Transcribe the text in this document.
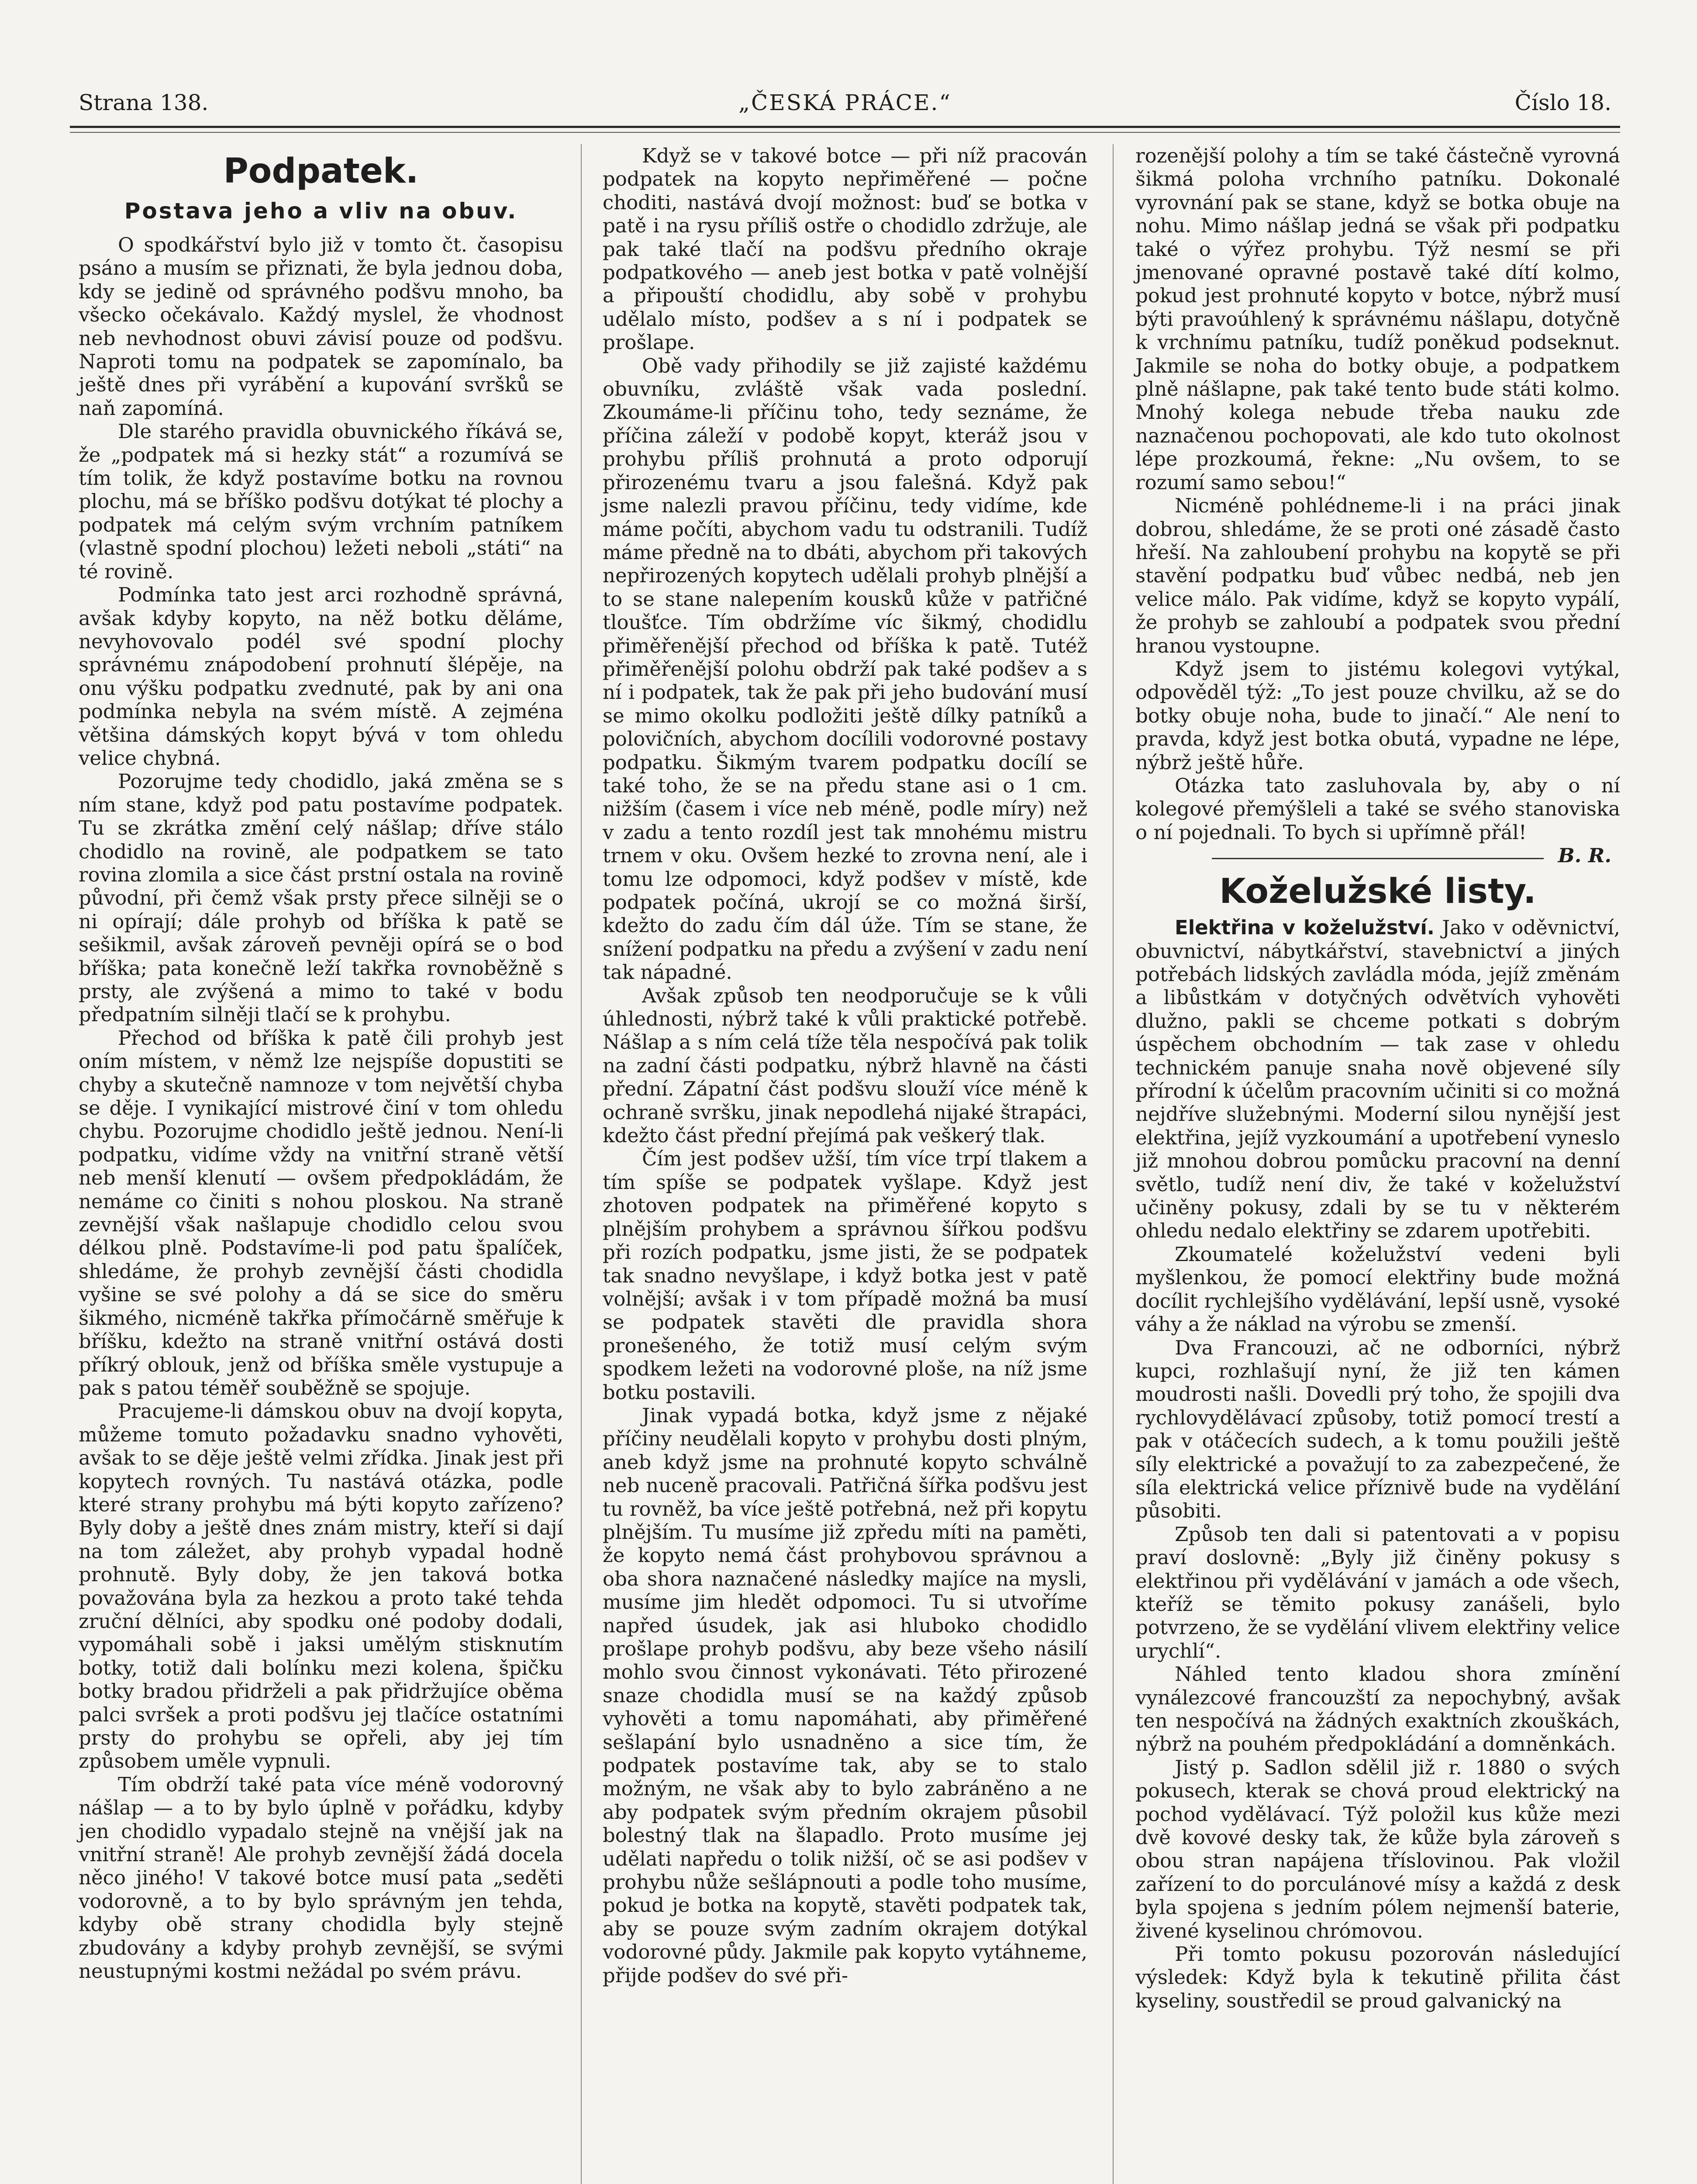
Strana 138.	„ČESKÁ PRÁCE.“	Číslo 18.
Podpatek.
Postava jeho a vliv na obuv.

O spodkářství bylo již v tomto čt. časopisu psáno a musím se přiznati, že byla jednou doba, kdy se jedině od správného podšvu mnoho, ba všecko očekávalo. Každý myslel, že vhodnost neb nevhodnost obuvi závisí pouze od podšvu. Naproti tomu na podpatek se zapomínalo, ba ještě dnes při vyrábění a kupování svršků se naň zapomíná.

Dle starého pravidla obuvnického říkává se, že „podpatek má si hezky stát“ a rozumívá se tím tolik, že když postavíme botku na rovnou plochu, má se bříško podšvu dotýkat té plochy a podpatek má celým svým vrchním patníkem (vlastně spodní plochou) ležeti neboli „státi“ na té rovině.

Podmínka tato jest arci rozhodně správná, avšak kdyby kopyto, na něž botku děláme, nevyhovovalo podél své spodní plochy správnému znápodobení prohnutí šlépěje, na onu výšku podpatku zvednuté, pak by ani ona podmínka nebyla na svém místě. A zejména většina dámských kopyt bývá v tom ohledu velice chybná.

Pozorujme tedy chodidlo, jaká změna se s ním stane, když pod patu postavíme podpatek. Tu se zkrátka změní celý nášlap; dříve stálo chodidlo na rovině, ale podpatkem se tato rovina zlomila a sice část prstní ostala na rovině původní, při čemž však prsty přece silněji se o ni opírají; dále prohyb od bříška k patě se sešikmil, avšak zároveň pevněji opírá se o bod bříška; pata konečně leží takřka rovnoběžně s prsty, ale zvýšená a mimo to také v bodu předpatním silněji tlačí se k prohybu.

Přechod od bříška k patě čili prohyb jest oním místem, v němž lze nejspíše dopustiti se chyby a skutečně namnoze v tom největší chyba se děje. I vynikající mistrové činí v tom ohledu chybu. Pozorujme chodidlo ještě jednou. Není-li podpatku, vidíme vždy na vnitřní straně větší neb menší klenutí — ovšem předpokládám, že nemáme co činiti s nohou ploskou. Na straně zevnější však našlapuje chodidlo celou svou délkou plně. Podstavíme-li pod patu špalíček, shledáme, že prohyb zevnější části chodidla vyšine se své polohy a dá se sice do směru šikmého, nicméně takřka přímočárně směřuje k bříšku, kdežto na straně vnitřní ostává dosti příkrý oblouk, jenž od bříška směle vystupuje a pak s patou téměř souběžně se spojuje.

Pracujeme-li dámskou obuv na dvojí kopyta, můžeme tomuto požadavku snadno vyhověti, avšak to se děje ještě velmi zřídka. Jinak jest při kopytech rovných. Tu nastává otázka, podle které strany prohybu má býti kopyto zařízeno? Byly doby a ještě dnes znám mistry, kteří si dají na tom záležet, aby prohyb vypadal hodně prohnutě. Byly doby, že jen taková botka považována byla za hezkou a proto také tehda zruční dělníci, aby spodku oné podoby dodali, vypomáhali sobě i jaksi umělým stisknutím botky, totiž dali bolínku mezi kolena, špičku botky bradou přidrželi a pak přidržujíce oběma palci svršek a proti podšvu jej tlačíce ostatními prsty do prohybu se opřeli, aby jej tím způsobem uměle vypnuli.

Tím obdrží také pata více méně vodorovný nášlap — a to by bylo úplně v pořádku, kdyby jen chodidlo vypadalo stejně na vnější jak na vnitřní straně! Ale prohyb zevnější žádá docela něco jiného! V takové botce musí pata „seděti vodorovně, a to by bylo správným jen tehda, kdyby obě strany chodidla byly stejně zbudovány a kdyby prohyb zevnější, se svými neustupnými kostmi nežádal po svém právu.

Když se v takové botce — při níž pracován podpatek na kopyto nepřiměřené — počne choditi, nastává dvojí možnost: buď se botka v patě i na rysu příliš ostře o chodidlo zdržuje, ale pak také tlačí na podšvu předního okraje podpatkového — aneb jest botka v patě volnější a připouští chodidlu, aby sobě v prohybu udělalo místo, podšev a s ní i podpatek se prošlape.

Obě vady přihodily se již zajisté každému obuvníku, zvláště však vada poslední. Zkoumáme-li příčinu toho, tedy seznáme, že příčina záleží v podobě kopyt, kteráž jsou v prohybu příliš prohnutá a proto odporují přirozenému tvaru a jsou falešná. Když pak jsme nalezli pravou příčinu, tedy vidíme, kde máme počíti, abychom vadu tu odstranili. Tudíž máme předně na to dbáti, abychom při takových nepřirozených kopytech udělali prohyb plnější a to se stane nalepením kousků kůže v patřičné tloušťce. Tím obdržíme víc šikmý, chodidlu přiměřenější přechod od bříška k patě. Tutéž přiměřenější polohu obdrží pak také podšev a s ní i podpatek, tak že pak při jeho budování musí se mimo okolku podložiti ještě dílky patníků a polovičních, abychom docílili vodorovné postavy podpatku. Šikmým tvarem podpatku docílí se také toho, že se na předu stane asi o 1 cm. nižším (časem i více neb méně, podle míry) než v zadu a tento rozdíl jest tak mnohému mistru trnem v oku. Ovšem hezké to zrovna není, ale i tomu lze odpomoci, když podšev v místě, kde podpatek počíná, ukrojí se co možná širší, kdežto do zadu čím dál úže. Tím se stane, že snížení podpatku na předu a zvýšení v zadu není tak nápadné.

Avšak způsob ten neodporučuje se k vůli úhlednosti, nýbrž také k vůli praktické potřebě. Nášlap a s ním celá tíže těla nespočívá pak tolik na zadní části podpatku, nýbrž hlavně na části přední. Zápatní část podšvu slouží více méně k ochraně svršku, jinak nepodlehá nijaké štrapáci, kdežto část přední přejímá pak veškerý tlak.

Čím jest podšev užší, tím více trpí tlakem a tím spíše se podpatek vyšlape. Když jest zhotoven podpatek na přiměřené kopyto s plnějším prohybem a správnou šířkou podšvu při rozích podpatku, jsme jisti, že se podpatek tak snadno nevyšlape, i když botka jest v patě volnější; avšak i v tom případě možná ba musí se podpatek stavěti dle pravidla shora pronešeného, že totiž musí celým svým spodkem ležeti na vodorovné ploše, na níž jsme botku postavili.

Jinak vypadá botka, když jsme z nějaké příčiny neudělali kopyto v prohybu dosti plným, aneb když jsme na prohnuté kopyto schválně neb nuceně pracovali. Patřičná šířka podšvu jest tu rovněž, ba více ještě potřebná, než při kopytu plnějším. Tu musíme již zpředu míti na paměti, že kopyto nemá část prohybovou správnou a oba shora naznačené následky majíce na mysli, musíme jim hledět odpomoci. Tu si utvoříme napřed úsudek, jak asi hluboko chodidlo prošlape prohyb podšvu, aby beze všeho násilí mohlo svou činnost vykonávati. Této přirozené snaze chodidla musí se na každý způsob vyhověti a tomu napomáhati, aby přiměřené sešlapání bylo usnadněno a sice tím, že podpatek postavíme tak, aby se to stalo možným, ne však aby to bylo zabráněno a ne aby podpatek svým předním okrajem působil bolestný tlak na šlapadlo. Proto musíme jej udělati napředu o tolik nižší, oč se asi podšev v prohybu nůže sešlápnouti a podle toho musíme, pokud je botka na kopytě, stavěti podpatek tak, aby se pouze svým zadním okrajem dotýkal vodorovné půdy. Jakmile pak kopyto vytáhneme, přijde podšev do své při-

rozenější polohy a tím se také částečně vyrovná šikmá poloha vrchního patníku. Dokonalé vyrovnání pak se stane, když se botka obuje na nohu. Mimo nášlap jedná se však při podpatku také o výřez prohybu. Týž nesmí se při jmenované opravné postavě také dítí kolmo, pokud jest prohnuté kopyto v botce, nýbrž musí býti pravoúhlený k správnému nášlapu, dotyčně k vrchnímu patníku, tudíž poněkud podseknut. Jakmile se noha do botky obuje, a podpatkem plně nášlapne, pak také tento bude státi kolmo. Mnohý kolega nebude třeba nauku zde naznačenou pochopovati, ale kdo tuto okolnost lépe prozkoumá, řekne: „Nu ovšem, to se rozumí samo sebou!“

Nicméně pohlédneme-li i na práci jinak dobrou, shledáme, že se proti oné zásadě často hřeší. Na zahloubení prohybu na kopytě se při stavění podpatku buď vůbec nedbá, neb jen velice málo. Pak vidíme, když se kopyto vypálí, že prohyb se zahloubí a podpatek svou přední hranou vystoupne.

Když jsem to jistému kolegovi vytýkal, odpověděl týž: „To jest pouze chvilku, až se do botky obuje noha, bude to jinačí.“ Ale není to pravda, když jest botka obutá, vypadne ne lépe, nýbrž ještě hůře.

Otázka tato zasluhovala by, aby o ní kolegové přemýšleli a také se svého stanoviska o ní pojednali. To bych si upřímně přál!
B. R.

Koželužské listy.

Elektřina v koželužství. Jako v oděvnictví, obuvnictví, nábytkářství, stavebnictví a jiných potřebách lidských zavládla móda, jejíž změnám a libůstkám v dotyčných odvětvích vyhověti dlužno, pakli se chceme potkati s dobrým úspěchem obchodním — tak zase v ohledu technickém panuje snaha nově objevené síly přírodní k účelům pracovním učiniti si co možná nejdříve služebnými. Moderní silou nynější jest elektřina, jejíž vyzkoumání a upotřebení vyneslo již mnohou dobrou pomůcku pracovní na denní světlo, tudíž není div, že také v koželužství učiněny pokusy, zdali by se tu v některém ohledu nedalo elektřiny se zdarem upotřebiti.

Zkoumatelé koželužství vedeni byli myšlenkou, že pomocí elektřiny bude možná docílit rychlejšího vydělávání, lepší usně, vysoké váhy a že náklad na výrobu se zmenší.

Dva Francouzi, ač ne odborníci, nýbrž kupci, rozhlašují nyní, že již ten kámen moudrosti našli. Dovedli prý toho, že spojili dva rychlovydělávací způsoby, totiž pomocí trestí a pak v otáčecích sudech, a k tomu použili ještě síly elektrické a považují to za zabezpečené, že síla elektrická velice příznivě bude na vydělání působiti.

Způsob ten dali si patentovati a v popisu praví doslovně: „Byly již činěny pokusy s elektřinou při vydělávání v jamách a ode všech, kteříž se těmito pokusy zanášeli, bylo potvrzeno, že se vydělání vlivem elektřiny velice urychlí“.

Náhled tento kladou shora zmínění vynálezcové francouzští za nepochybný, avšak ten nespočívá na žádných exaktních zkouškách, nýbrž na pouhém předpokládání a domněnkách.

Jistý p. Sadlon sdělil již r. 1880 o svých pokusech, kterak se chová proud elektrický na pochod vydělávací. Týž položil kus kůže mezi dvě kovové desky tak, že kůže byla zároveň s obou stran napájena tříslovinou. Pak vložil zařízení to do porculánové mísy a každá z desk byla spojena s jedním pólem nejmenší baterie, živené kyselinou chrómovou.

Při tomto pokusu pozorován následující výsledek: Když byla k tekutině přilita část kyseliny, soustředil se proud galvanický na
